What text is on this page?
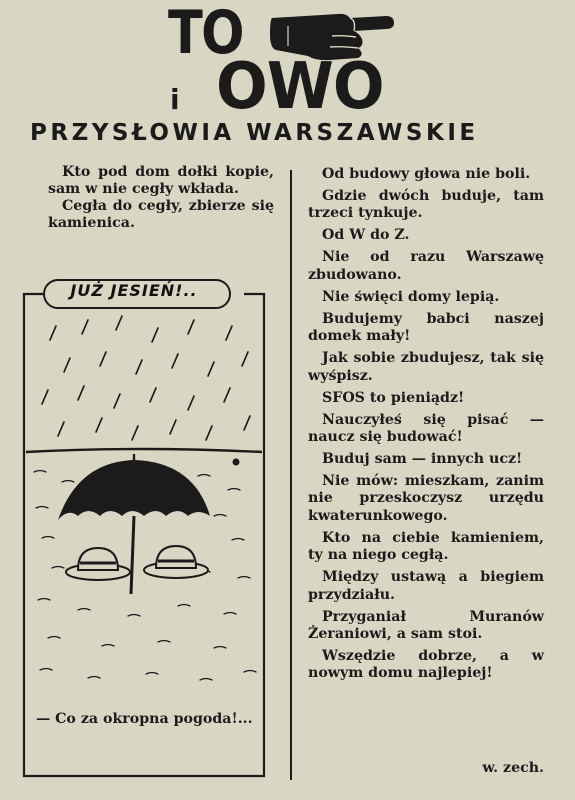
TO
i OWO
PRZYSŁOWIA WARSZAWSKIE

Kto pod dom dołki kopie, sam w nie cegły wkłada.

Cegła do cegły, zbierze się kamienica.

JUŻ JESIEŃ!..
— Co za okropna pogoda!...

Od budowy głowa nie boli.

Gdzie dwóch buduje, tam trzeci tynkuje.

Od W do Z.

Nie od razu Warszawę zbudowano.

Nie święci domy lepią.

Budujemy babci naszej domek mały!

Jak sobie zbudujesz, tak się wyśpisz.

SFOS to pieniądz!

Nauczyłeś się pisać — naucz się budować!

Buduj sam — innych ucz!

Nie mów: mieszkam, zanim nie przeskoczysz urzędu kwaterunkowego.

Kto na ciebie kamieniem, ty na niego cegłą.

Między ustawą a biegiem przydziału.

Przyganiał Muranów Żeraniowi, a sam stoi.

Wszędzie dobrze, a w nowym domu najlepiej!

w. zech.
